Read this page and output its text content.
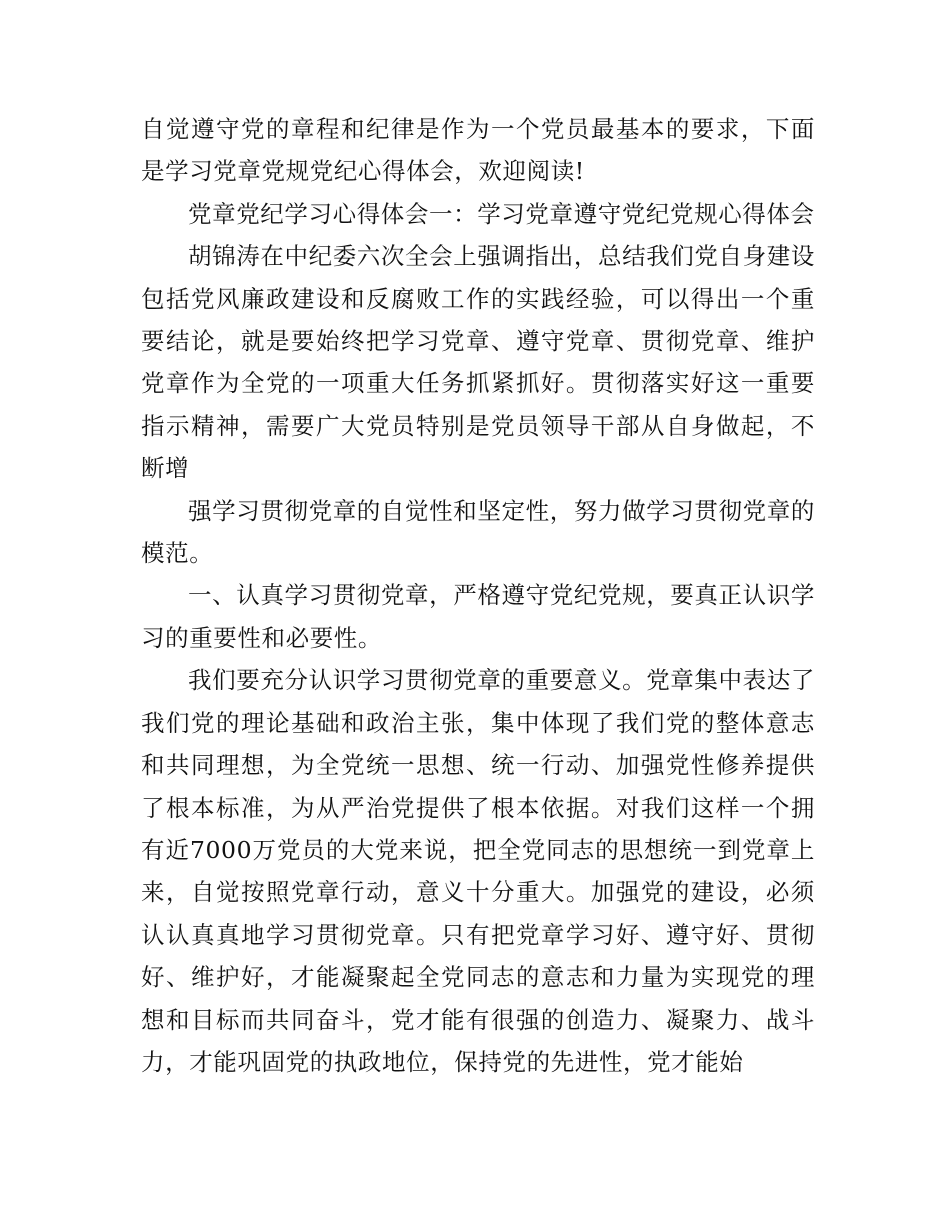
自觉遵守党的章程和纪律是作为一个党员最基本的要求，下面是学习党章党规党纪心得体会，欢迎阅读!

党章党纪学习心得体会一：学习党章遵守党纪党规心得体会

胡锦涛在中纪委六次全会上强调指出，总结我们党自身建设包括党风廉政建设和反腐败工作的实践经验，可以得出一个重要结论，就是要始终把学习党章、遵守党章、贯彻党章、维护党章作为全党的一项重大任务抓紧抓好。贯彻落实好这一重要指示精神，需要广大党员特别是党员领导干部从自身做起，不断增

强学习贯彻党章的自觉性和坚定性，努力做学习贯彻党章的模范。

一、认真学习贯彻党章，严格遵守党纪党规，要真正认识学习的重要性和必要性。

我们要充分认识学习贯彻党章的重要意义。党章集中表达了我们党的理论基础和政治主张，集中体现了我们党的整体意志和共同理想，为全党统一思想、统一行动、加强党性修养提供了根本标准，为从严治党提供了根本依据。对我们这样一个拥有近7000万党员的大党来说，把全党同志的思想统一到党章上来，自觉按照党章行动，意义十分重大。加强党的建设，必须认认真真地学习贯彻党章。只有把党章学习好、遵守好、贯彻好、维护好，才能凝聚起全党同志的意志和力量为实现党的理想和目标而共同奋斗，党才能有很强的创造力、凝聚力、战斗力，才能巩固党的执政地位，保持党的先进性，党才能始
